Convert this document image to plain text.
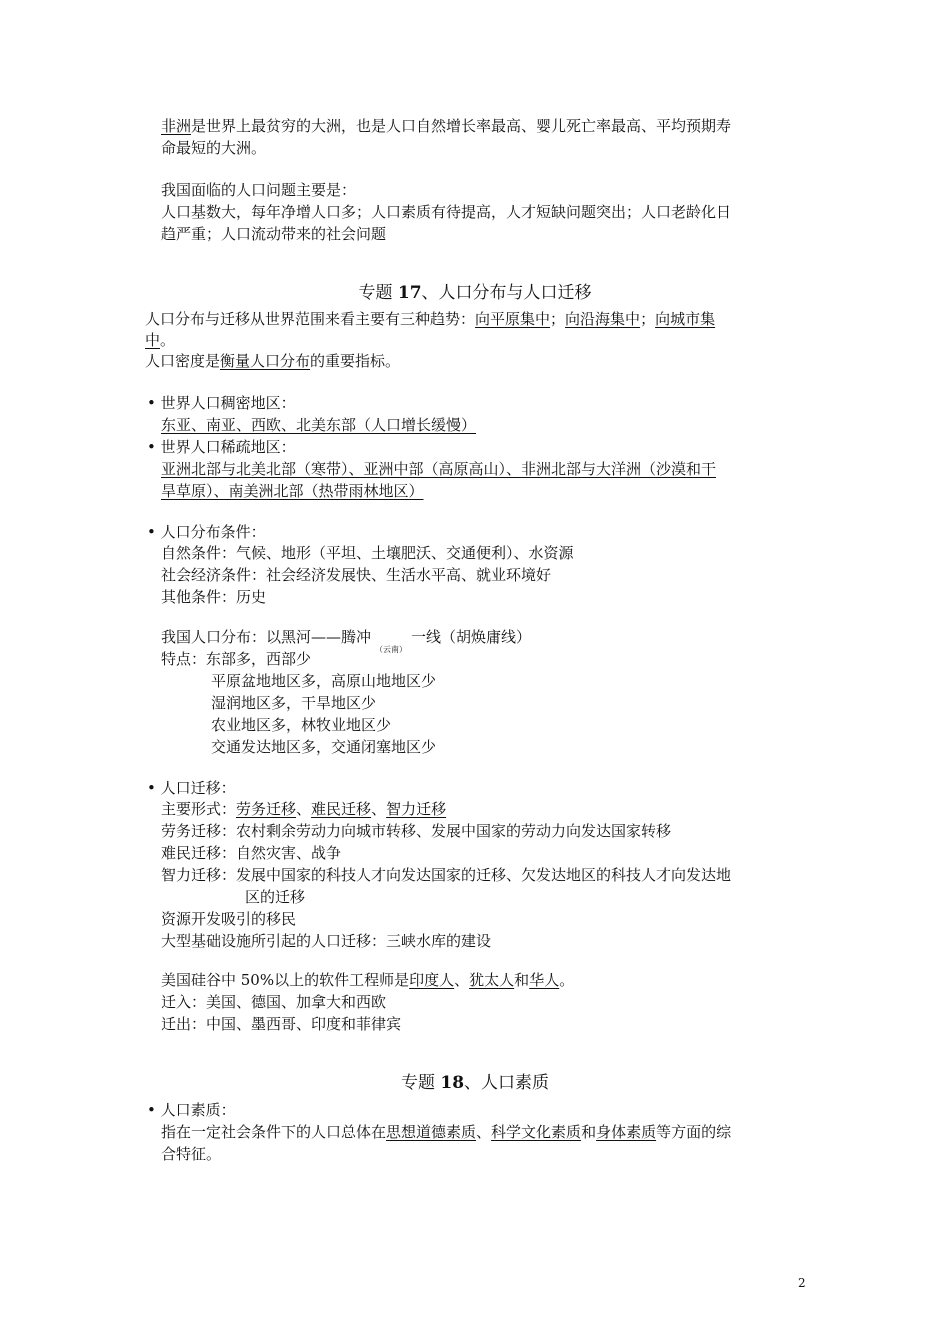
非洲是世界上最贫穷的大洲，也是人口自然增长率最高、婴儿死亡率最高、平均预期寿
命最短的大洲。
我国面临的人口问题主要是：
人口基数大，每年净增人口多；人口素质有待提高，人才短缺问题突出；人口老龄化日
趋严重；人口流动带来的社会问题
专题 17、人口分布与人口迁移
人口分布与迁移从世界范围来看主要有三种趋势：向平原集中；向沿海集中；向城市集
中。
人口密度是衡量人口分布的重要指标。
• 世界人口稠密地区：
东亚、南亚、西欧、北美东部（人口增长缓慢）
• 世界人口稀疏地区：
亚洲北部与北美北部（寒带）、亚洲中部（高原高山）、非洲北部与大洋洲（沙漠和干
旱草原）、南美洲北部（热带雨林地区）
• 人口分布条件：
自然条件：气候、地形（平坦、土壤肥沃、交通便利）、水资源
社会经济条件：社会经济发展快、生活水平高、就业环境好
其他条件：历史
我国人口分布：以黑河——腾冲$_{(云南)}$一线（胡焕庸线）
特点：东部多，西部少
平原盆地地区多，高原山地地区少
湿润地区多，干旱地区少
农业地区多，林牧业地区少
交通发达地区多，交通闭塞地区少
• 人口迁移：
主要形式：劳务迁移、难民迁移、智力迁移
劳务迁移：农村剩余劳动力向城市转移、发展中国家的劳动力向发达国家转移
难民迁移：自然灾害、战争
智力迁移：发展中国家的科技人才向发达国家的迁移、欠发达地区的科技人才向发达地
区的迁移
资源开发吸引的移民
大型基础设施所引起的人口迁移：三峡水库的建设
美国硅谷中 50%以上的软件工程师是印度人、犹太人和华人。
迁入：美国、德国、加拿大和西欧
迁出：中国、墨西哥、印度和菲律宾
专题 18、人口素质
• 人口素质：
指在一定社会条件下的人口总体在思想道德素质、科学文化素质和身体素质等方面的综
合特征。
2
